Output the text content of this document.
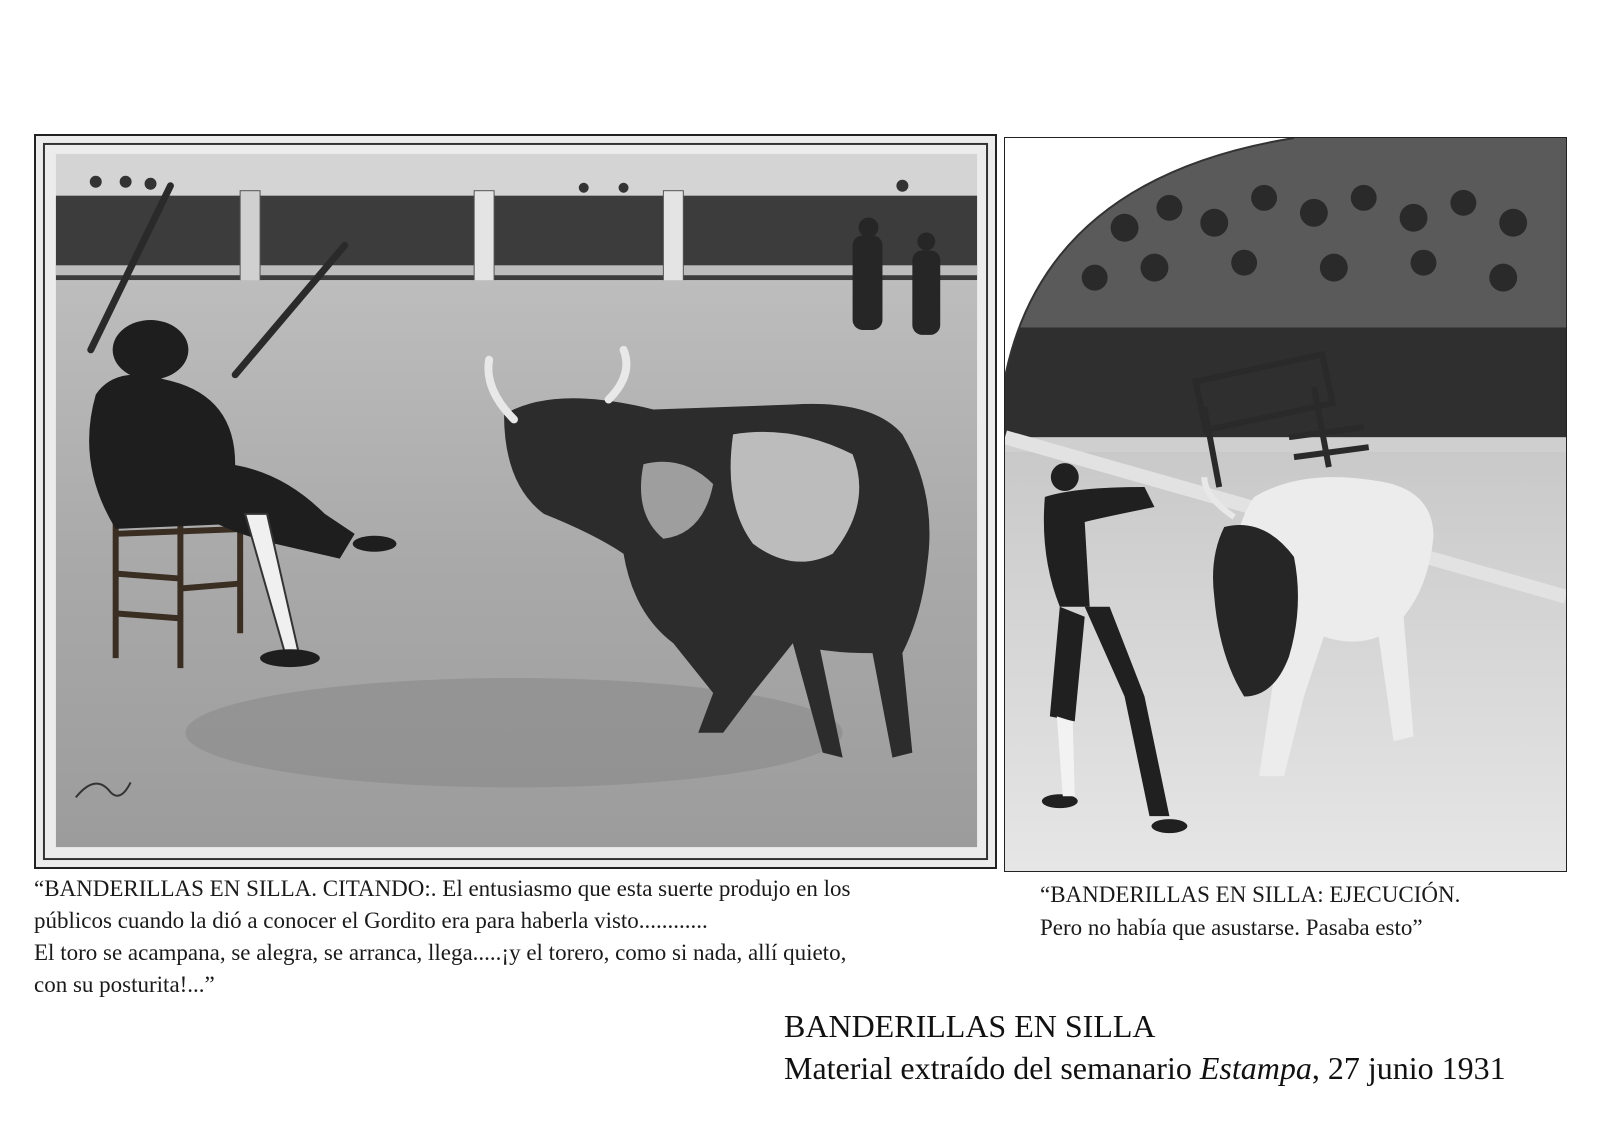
“BANDERILLAS EN SILLA. CITANDO:. El entusiasmo que esta suerte produjo en los

públicos cuando la dió a conocer el Gordito era para haberla visto............

El toro se acampana, se alegra, se arranca, llega.....¡y el torero, como si nada, allí quieto,

con su posturita!...”

“BANDERILLAS EN SILLA: EJECUCIÓN.

Pero no había que asustarse. Pasaba esto”

BANDERILLAS EN SILLA

Material extraído del semanario Estampa, 27 junio 1931
